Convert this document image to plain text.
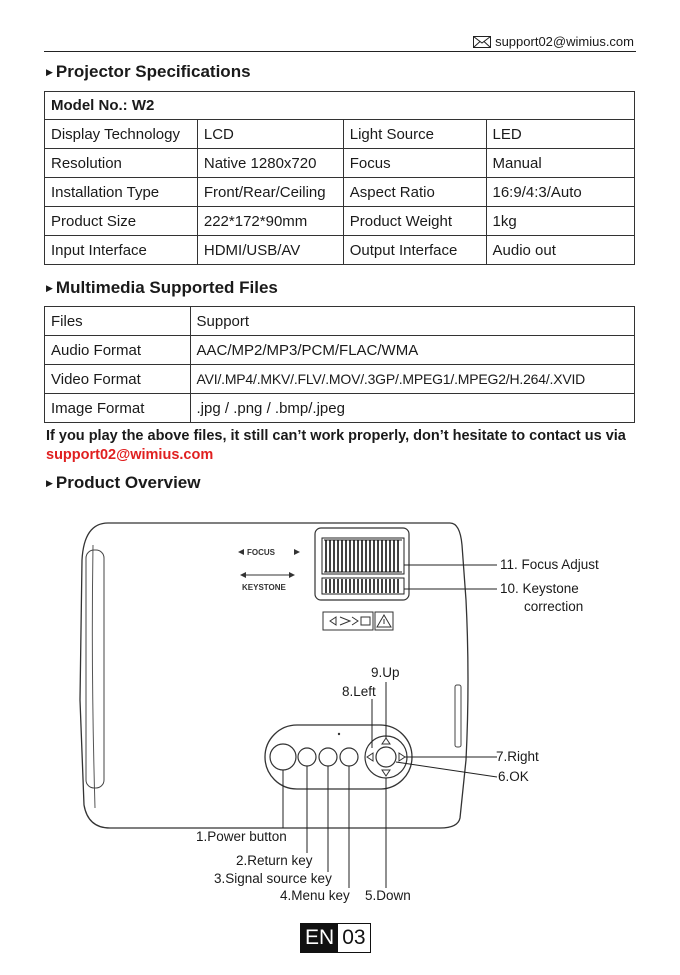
support02@wimius.com
▶ Projector Specifications
Model No.: W2			
Display Technology	LCD	Light Source	LED
Resolution	Native 1280x720	Focus	Manual
Installation Type	Front/Rear/Ceiling	Aspect Ratio	16:9/4:3/Auto
Product Size	222*172*90mm	Product Weight	1kg
Input Interface	HDMI/USB/AV	Output Interface	Audio out
▶ Multimedia Supported Files
Files	Support
Audio Format	AAC/MP2/MP3/PCM/FLAC/WMA
Video Format	AVI/.MP4/.MKV/.FLV/.MOV/.3GP/.MPEG1/.MPEG2/H.264/.XVID
Image Format	.jpg / .png / .bmp/.jpeg
If you play the above files, it still can’t work properly, don’t hesitate to contact us via support02@wimius.com
▶ Product Overview
FOCUS
KEYSTONE
11. Focus Adjust
10. Keystone
correction
9.Up
8.Left
7.Right
6.OK
1.Power button
2.Return key
3.Signal source key
4.Menu key 5.Down
EN 03
